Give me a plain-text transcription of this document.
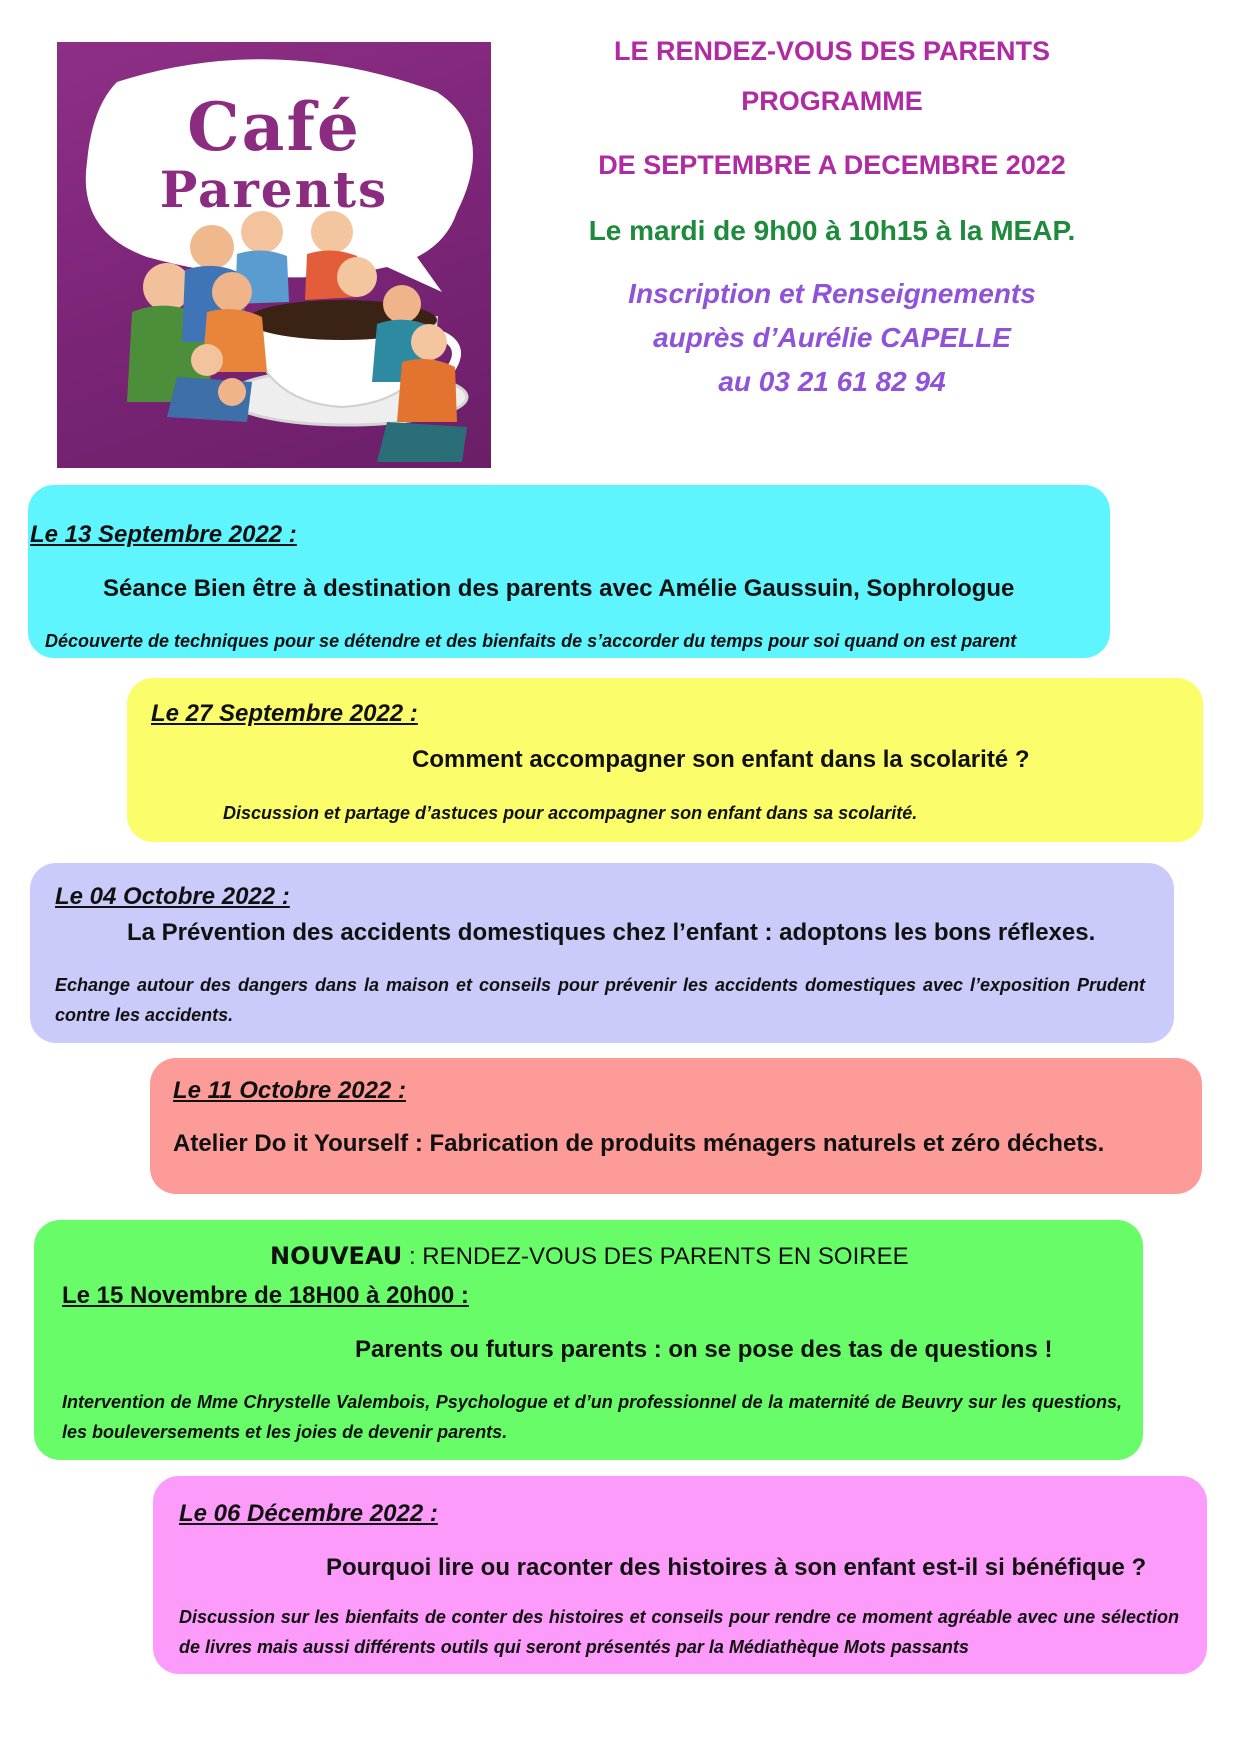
Café
Parents
LE RENDEZ-VOUS DES PARENTS
PROGRAMME
DE SEPTEMBRE A DECEMBRE 2022
Le mardi de 9h00 à 10h15 à la MEAP.
Inscription et Renseignements
auprès d’Aurélie CAPELLE
au 03 21 61 82 94
Le 13 Septembre 2022 :
Séance Bien être à destination des parents avec Amélie Gaussuin, Sophrologue
Découverte de techniques pour se détendre et des bienfaits de s’accorder du temps pour soi quand on est parent
Le 27 Septembre 2022 :
Comment accompagner son enfant dans la scolarité ?
Discussion et partage d’astuces pour accompagner son enfant dans sa scolarité.
Le 04 Octobre 2022 :
La Prévention des accidents domestiques chez l’enfant : adoptons les bons réflexes.
Echange autour des dangers dans la maison et conseils pour prévenir les accidents domestiques avec l’exposition Prudent contre les accidents.
Le 11 Octobre 2022 :
Atelier Do it Yourself : Fabrication de produits ménagers naturels et zéro déchets.
NOUVEAU : RENDEZ-VOUS DES PARENTS EN SOIREE
Le 15 Novembre de 18H00 à 20h00 :
Parents ou futurs parents : on se pose des tas de questions !
Intervention de Mme Chrystelle Valembois, Psychologue et d’un professionnel de la maternité de Beuvry sur les questions, les bouleversements et les joies de devenir parents.
Le 06 Décembre 2022 :
Pourquoi lire ou raconter des histoires à son enfant est-il si bénéfique ?
Discussion sur les bienfaits de conter des histoires et conseils pour rendre ce moment agréable avec une sélection de livres mais aussi différents outils qui seront présentés par la Médiathèque Mots passants
